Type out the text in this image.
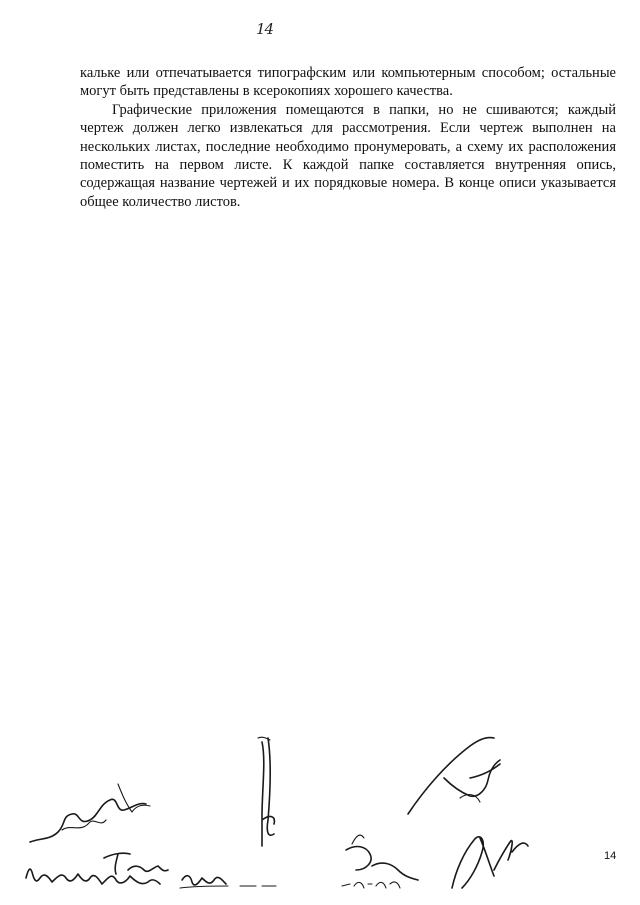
14

кальке или отпечатывается типографским или компьютерным способом; остальные могут быть представлены в ксерокопиях хорошего качества.

Графические приложения помещаются в папки, но не сшиваются; каждый чертеж должен легко извлекаться для рассмотрения. Если чертеж выполнен на нескольких листах, последние необходимо пронумеровать, а схему их расположения поместить на первом листе. К каждой папке составляется внутренняя опись, содержащая название чертежей и их порядковые номера. В конце описи указывается общее количество листов.

14
